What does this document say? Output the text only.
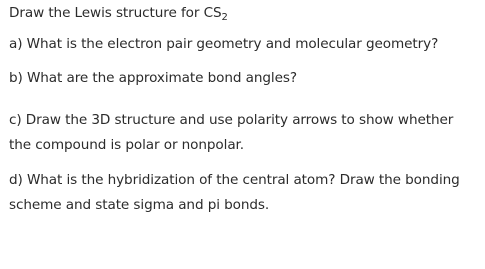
Draw the Lewis structure for $CS_2$
a) What is the electron pair geometry and molecular geometry?
b) What are the approximate bond angles?
c) Draw the 3D structure and use polarity arrows to show whether
the compound is polar or nonpolar.
d) What is the hybridization of the central atom? Draw the bonding
scheme and state sigma and pi bonds.
